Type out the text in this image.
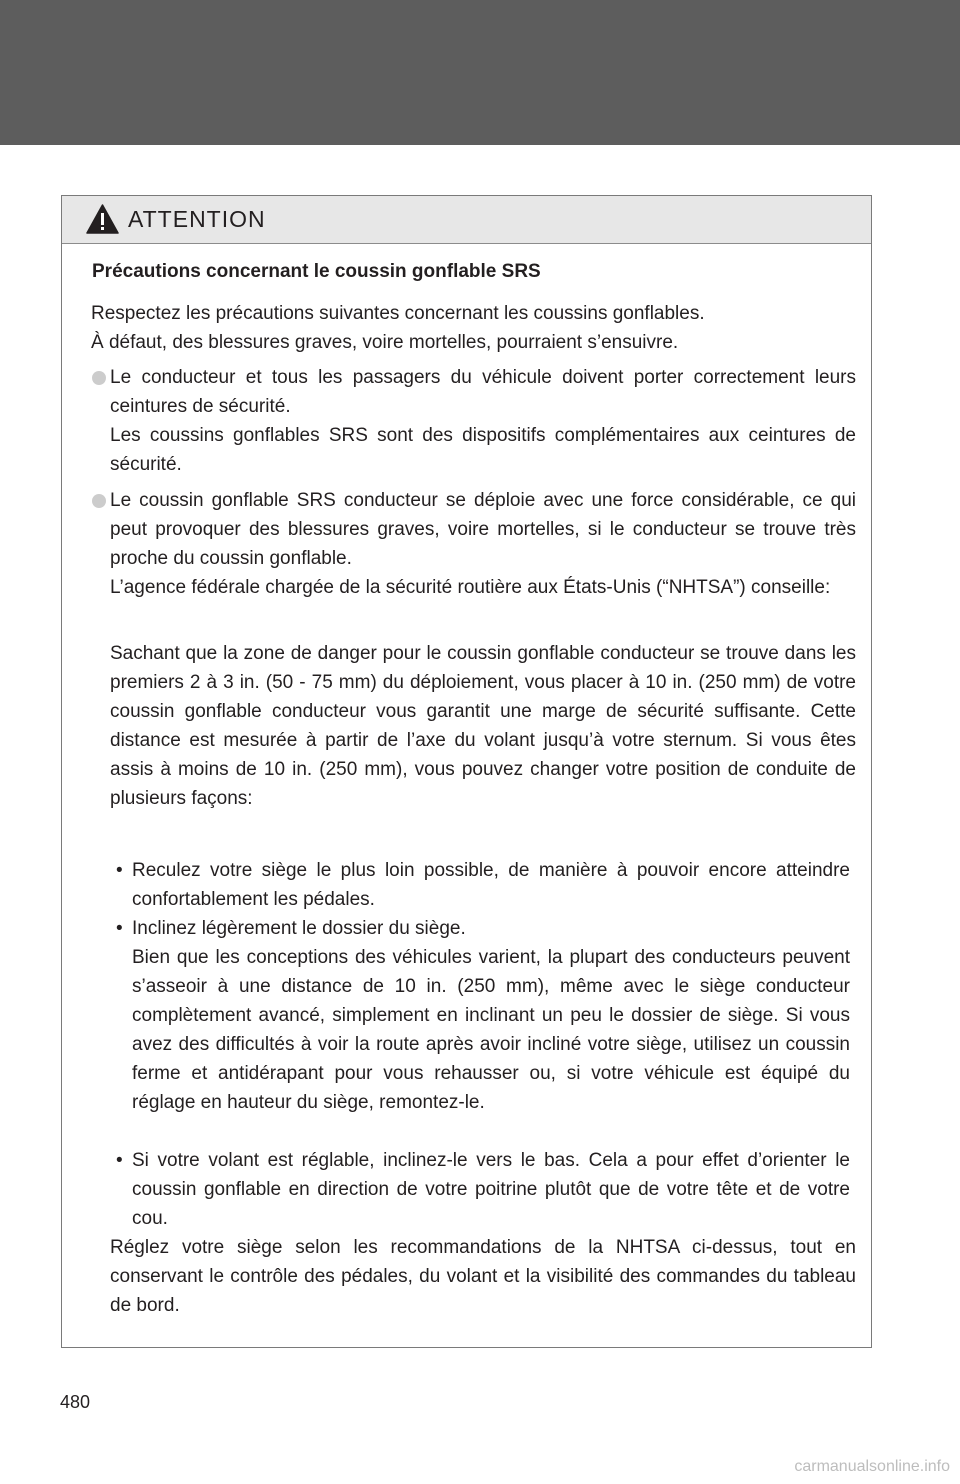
ATTENTION
Précautions concernant le coussin gonflable SRS

Respectez les précautions suivantes concernant les coussins gonflables.

À défaut, des blessures graves, voire mortelles, pourraient s’ensuivre.

Le conducteur et tous les passagers du véhicule doivent porter correctement leurs ceintures de sécurité.

Les coussins gonflables SRS sont des dispositifs complémentaires aux ceintures de sécurité.

Le coussin gonflable SRS conducteur se déploie avec une force considérable, ce qui peut provoquer des blessures graves, voire mortelles, si le conducteur se trouve très proche du coussin gonflable.

L’agence fédérale chargée de la sécurité routière aux États-Unis (“NHTSA”) conseille:

Sachant que la zone de danger pour le coussin gonflable conducteur se trouve dans les premiers 2 à 3 in. (50 - 75 mm) du déploiement, vous placer à 10 in. (250 mm) de votre coussin gonflable conducteur vous garantit une marge de sécurité suffisante. Cette distance est mesurée à partir de l’axe du volant jusqu’à votre sternum. Si vous êtes assis à moins de 10 in. (250 mm), vous pouvez changer votre position de conduite de plusieurs façons:

• Reculez votre siège le plus loin possible, de manière à pouvoir encore atteindre confortablement les pédales.

• Inclinez légèrement le dossier du siège.

Bien que les conceptions des véhicules varient, la plupart des conducteurs peuvent s’asseoir à une distance de 10 in. (250 mm), même avec le siège conducteur complètement avancé, simplement en inclinant un peu le dossier de siège. Si vous avez des difficultés à voir la route après avoir incliné votre siège, utilisez un coussin ferme et antidérapant pour vous rehausser ou, si votre véhicule est équipé du réglage en hauteur du siège, remontez-le.

• Si votre volant est réglable, inclinez-le vers le bas. Cela a pour effet d’orienter le coussin gonflable en direction de votre poitrine plutôt que de votre tête et de votre cou.

Réglez votre siège selon les recommandations de la NHTSA ci-dessus, tout en conservant le contrôle des pédales, du volant et la visibilité des commandes du tableau de bord.

480
carmanualsonline.info
